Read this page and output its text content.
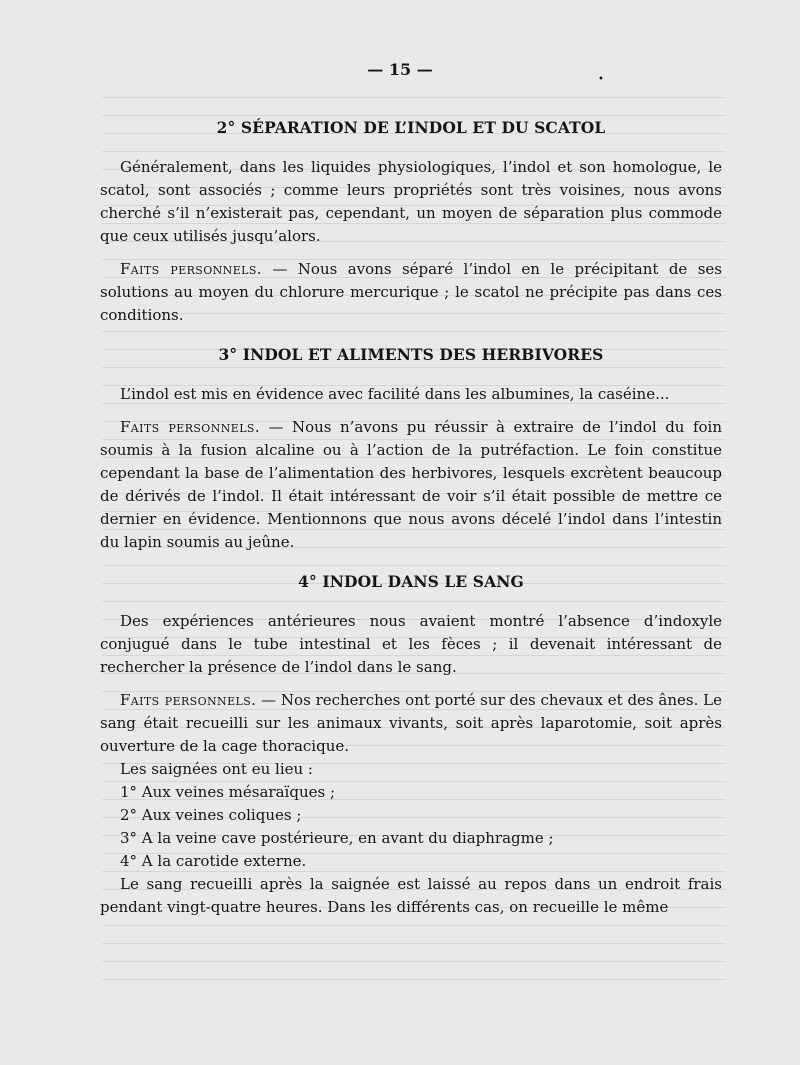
— 15 —
•
2° SÉPARATION DE L’INDOL ET DU SCATOL

Généralement, dans les liquides physiologiques, l’indol et son homologue, le scatol, sont associés ; comme leurs propriétés sont très voisines, nous avons cherché s’il n’existerait pas, cependant, un moyen de séparation plus commode que ceux utilisés jusqu’alors.

Faits personnels. — Nous avons séparé l’indol en le précipitant de ses solutions au moyen du chlorure mercurique ; le scatol ne précipite pas dans ces conditions.

3° INDOL ET ALIMENTS DES HERBIVORES

L’indol est mis en évidence avec facilité dans les albumines, la caséine...

Faits personnels. — Nous n’avons pu réussir à extraire de l’indol du foin soumis à la fusion alcaline ou à l’action de la putréfaction. Le foin constitue cependant la base de l’alimentation des herbivores, lesquels excrètent beaucoup de dérivés de l’indol. Il était intéressant de voir s’il était possible de mettre ce dernier en évidence. Mentionnons que nous avons décelé l’indol dans l’intestin du lapin soumis au jeûne.

4° INDOL DANS LE SANG

Des expériences antérieures nous avaient montré l’absence d’indoxyle conjugué dans le tube intestinal et les fèces ; il devenait intéressant de rechercher la présence de l’indol dans le sang.

Faits personnels. — Nos recherches ont porté sur des chevaux et des ânes. Le sang était recueilli sur les animaux vivants, soit après laparotomie, soit après ouverture de la cage thoracique.

Les saignées ont eu lieu :

1° Aux veines mésaraïques ;

2° Aux veines coliques ;

3° A la veine cave postérieure, en avant du diaphragme ;

4° A la carotide externe.

Le sang recueilli après la saignée est laissé au repos dans un endroit frais pendant vingt-quatre heures. Dans les différents cas, on recueille le même
